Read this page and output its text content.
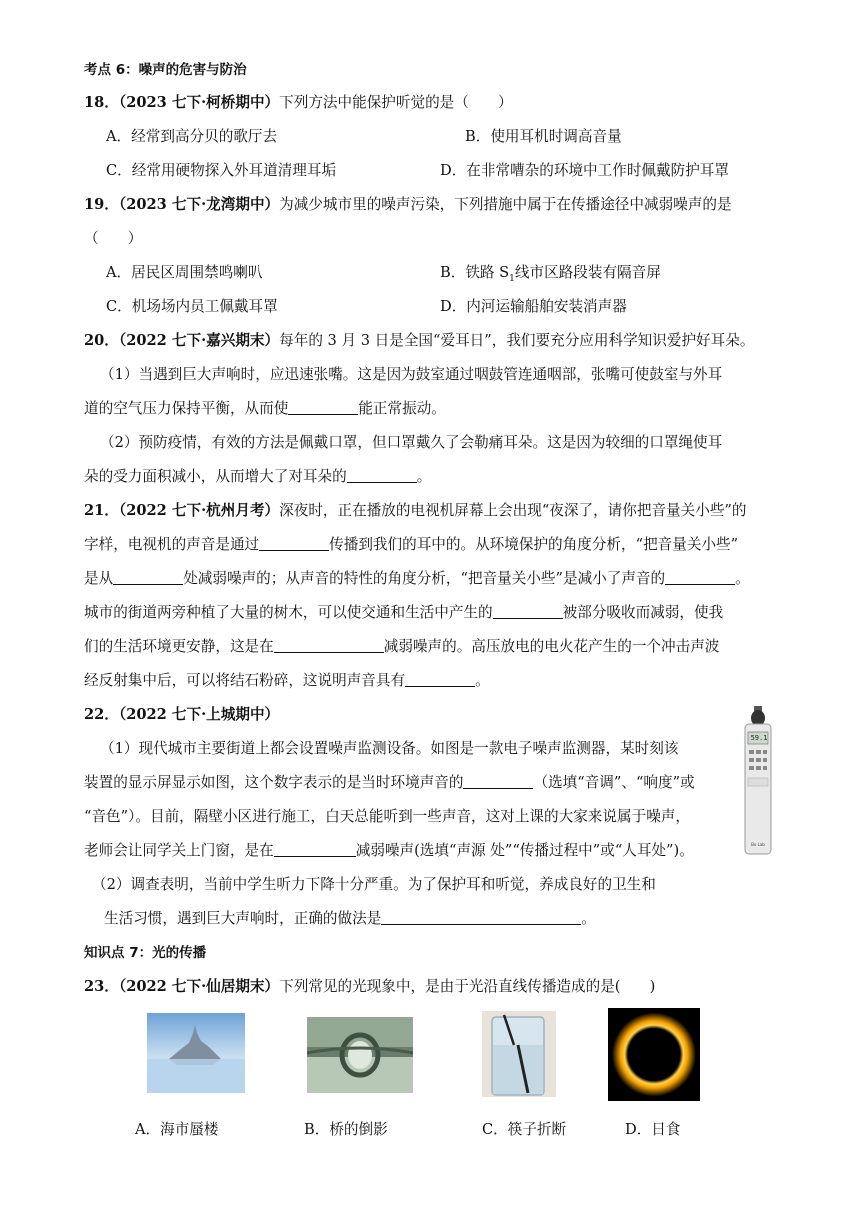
考点 6：噪声的危害与防治
18．（2023 七下·柯桥期中）下列方法中能保护听觉的是（　　）
A．经常到高分贝的歌厅去	B．使用耳机时调高音量
C．经常用硬物探入外耳道清理耳垢	D．在非常嘈杂的环境中工作时佩戴防护耳罩
19．（2023 七下·龙湾期中）为减少城市里的噪声污染，下列措施中属于在传播途径中减弱噪声的是
（　　）
A．居民区周围禁鸣喇叭	B．铁路 $S_1$线市区路段装有隔音屏
C．机场场内员工佩戴耳罩	D．内河运输船舶安装消声器
20．（2022 七下·嘉兴期末）每年的 3 月 3 日是全国“爱耳日”，我们要充分应用科学知识爱护好耳朵。
（1）当遇到巨大声响时，应迅速张嘴。这是因为鼓室通过咽鼓管连通咽部，张嘴可使鼓室与外耳
道的空气压力保持平衡，从而使	能正常振动。
（2）预防疫情，有效的方法是佩戴口罩，但口罩戴久了会勒痛耳朵。这是因为较细的口罩绳使耳
朵的受力面积减小，从而增大了对耳朵的	。
21．（2022 七下·杭州月考）深夜时，正在播放的电视机屏幕上会出现“夜深了，请你把音量关小些”的
字样，电视机的声音是通过	传播到我们的耳中的。从环境保护的角度分析，“把音量关小些”
是从	处减弱噪声的；从声音的特性的角度分析，“把音量关小些”是减小了声音的	。
城市的街道两旁种植了大量的树木，可以使交通和生活中产生的	被部分吸收而减弱，使我
们的生活环境更安静，这是在	减弱噪声的。高压放电的电火花产生的一个冲击声波
经反射集中后，可以将结石粉碎，这说明声音具有	。
22．（2022 七下·上城期中）
59.1
Bo Lab
（1）现代城市主要街道上都会设置噪声监测设备。如图是一款电子噪声监测器，某时刻该
装置的显示屏显示如图，这个数字表示的是当时环境声音的	（选填“音调”、“响度”或
“音色”）。目前，隔壁小区进行施工，白天总能听到一些声音，这对上课的大家来说属于噪声，
老师会让同学关上门窗，是在	减弱噪声(选填“声源 处”“传播过程中”或“人耳处”)。
（2）调查表明，当前中学生听力下降十分严重。为了保护耳和听觉，养成良好的卫生和
生活习惯，遇到巨大声响时，正确的做法是	。
知识点 7：光的传播
23．（2022 七下·仙居期末）下列常见的光现象中，是由于光沿直线传播造成的是(　　)
A．海市蜃楼	B．桥的倒影	C．筷子折断	D．日食
